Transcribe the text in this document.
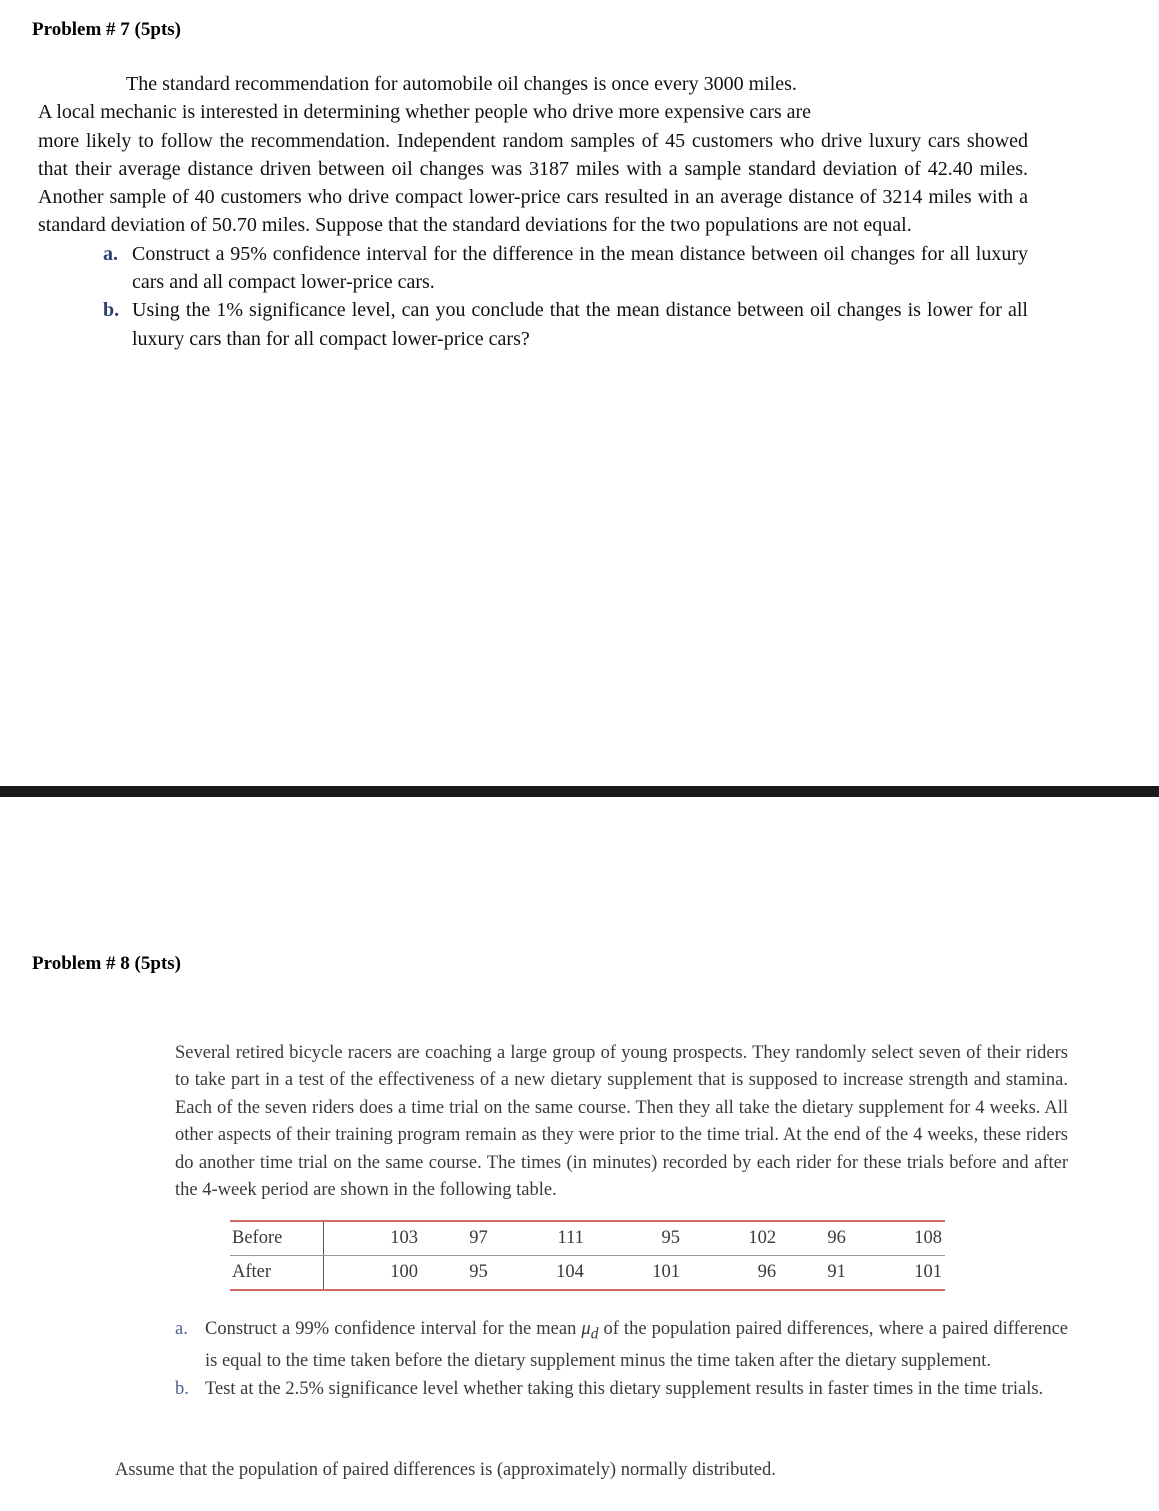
Problem # 7 (5pts)
The standard recommendation for automobile oil changes is once every 3000 miles.
A local mechanic is interested in determining whether people who drive more expensive cars are
more likely to follow the recommendation. Independent random samples of 45 customers who drive luxury cars showed that their average distance driven between oil changes was 3187 miles with a sample standard deviation of 42.40 miles. Another sample of 40 customers who drive compact lower-price cars resulted in an average distance of 3214 miles with a standard deviation of 50.70 miles. Suppose that the standard deviations for the two populations are not equal.
a. Construct a 95% confidence interval for the difference in the mean distance between oil changes for all luxury cars and all compact lower-price cars.
b. Using the 1% significance level, can you conclude that the mean distance between oil changes is lower for all luxury cars than for all compact lower-price cars?
Problem # 8 (5pts)
Several retired bicycle racers are coaching a large group of young prospects. They randomly select seven of their riders to take part in a test of the effectiveness of a new dietary supplement that is supposed to increase strength and stamina. Each of the seven riders does a time trial on the same course. Then they all take the dietary supplement for 4 weeks. All other aspects of their training program remain as they were prior to the time trial. At the end of the 4 weeks, these riders do another time trial on the same course. The times (in minutes) recorded by each rider for these trials before and after the 4-week period are shown in the following table.
Before	103	97	111	95	102	96	108
After	100	95	104	101	96	91	101
a. Construct a 99% confidence interval for the mean $\mu_d$ of the population paired differences, where a paired difference is equal to the time taken before the dietary supplement minus the time taken after the dietary supplement.
b. Test at the 2.5% significance level whether taking this dietary supplement results in faster times in the time trials.
Assume that the population of paired differences is (approximately) normally distributed.
